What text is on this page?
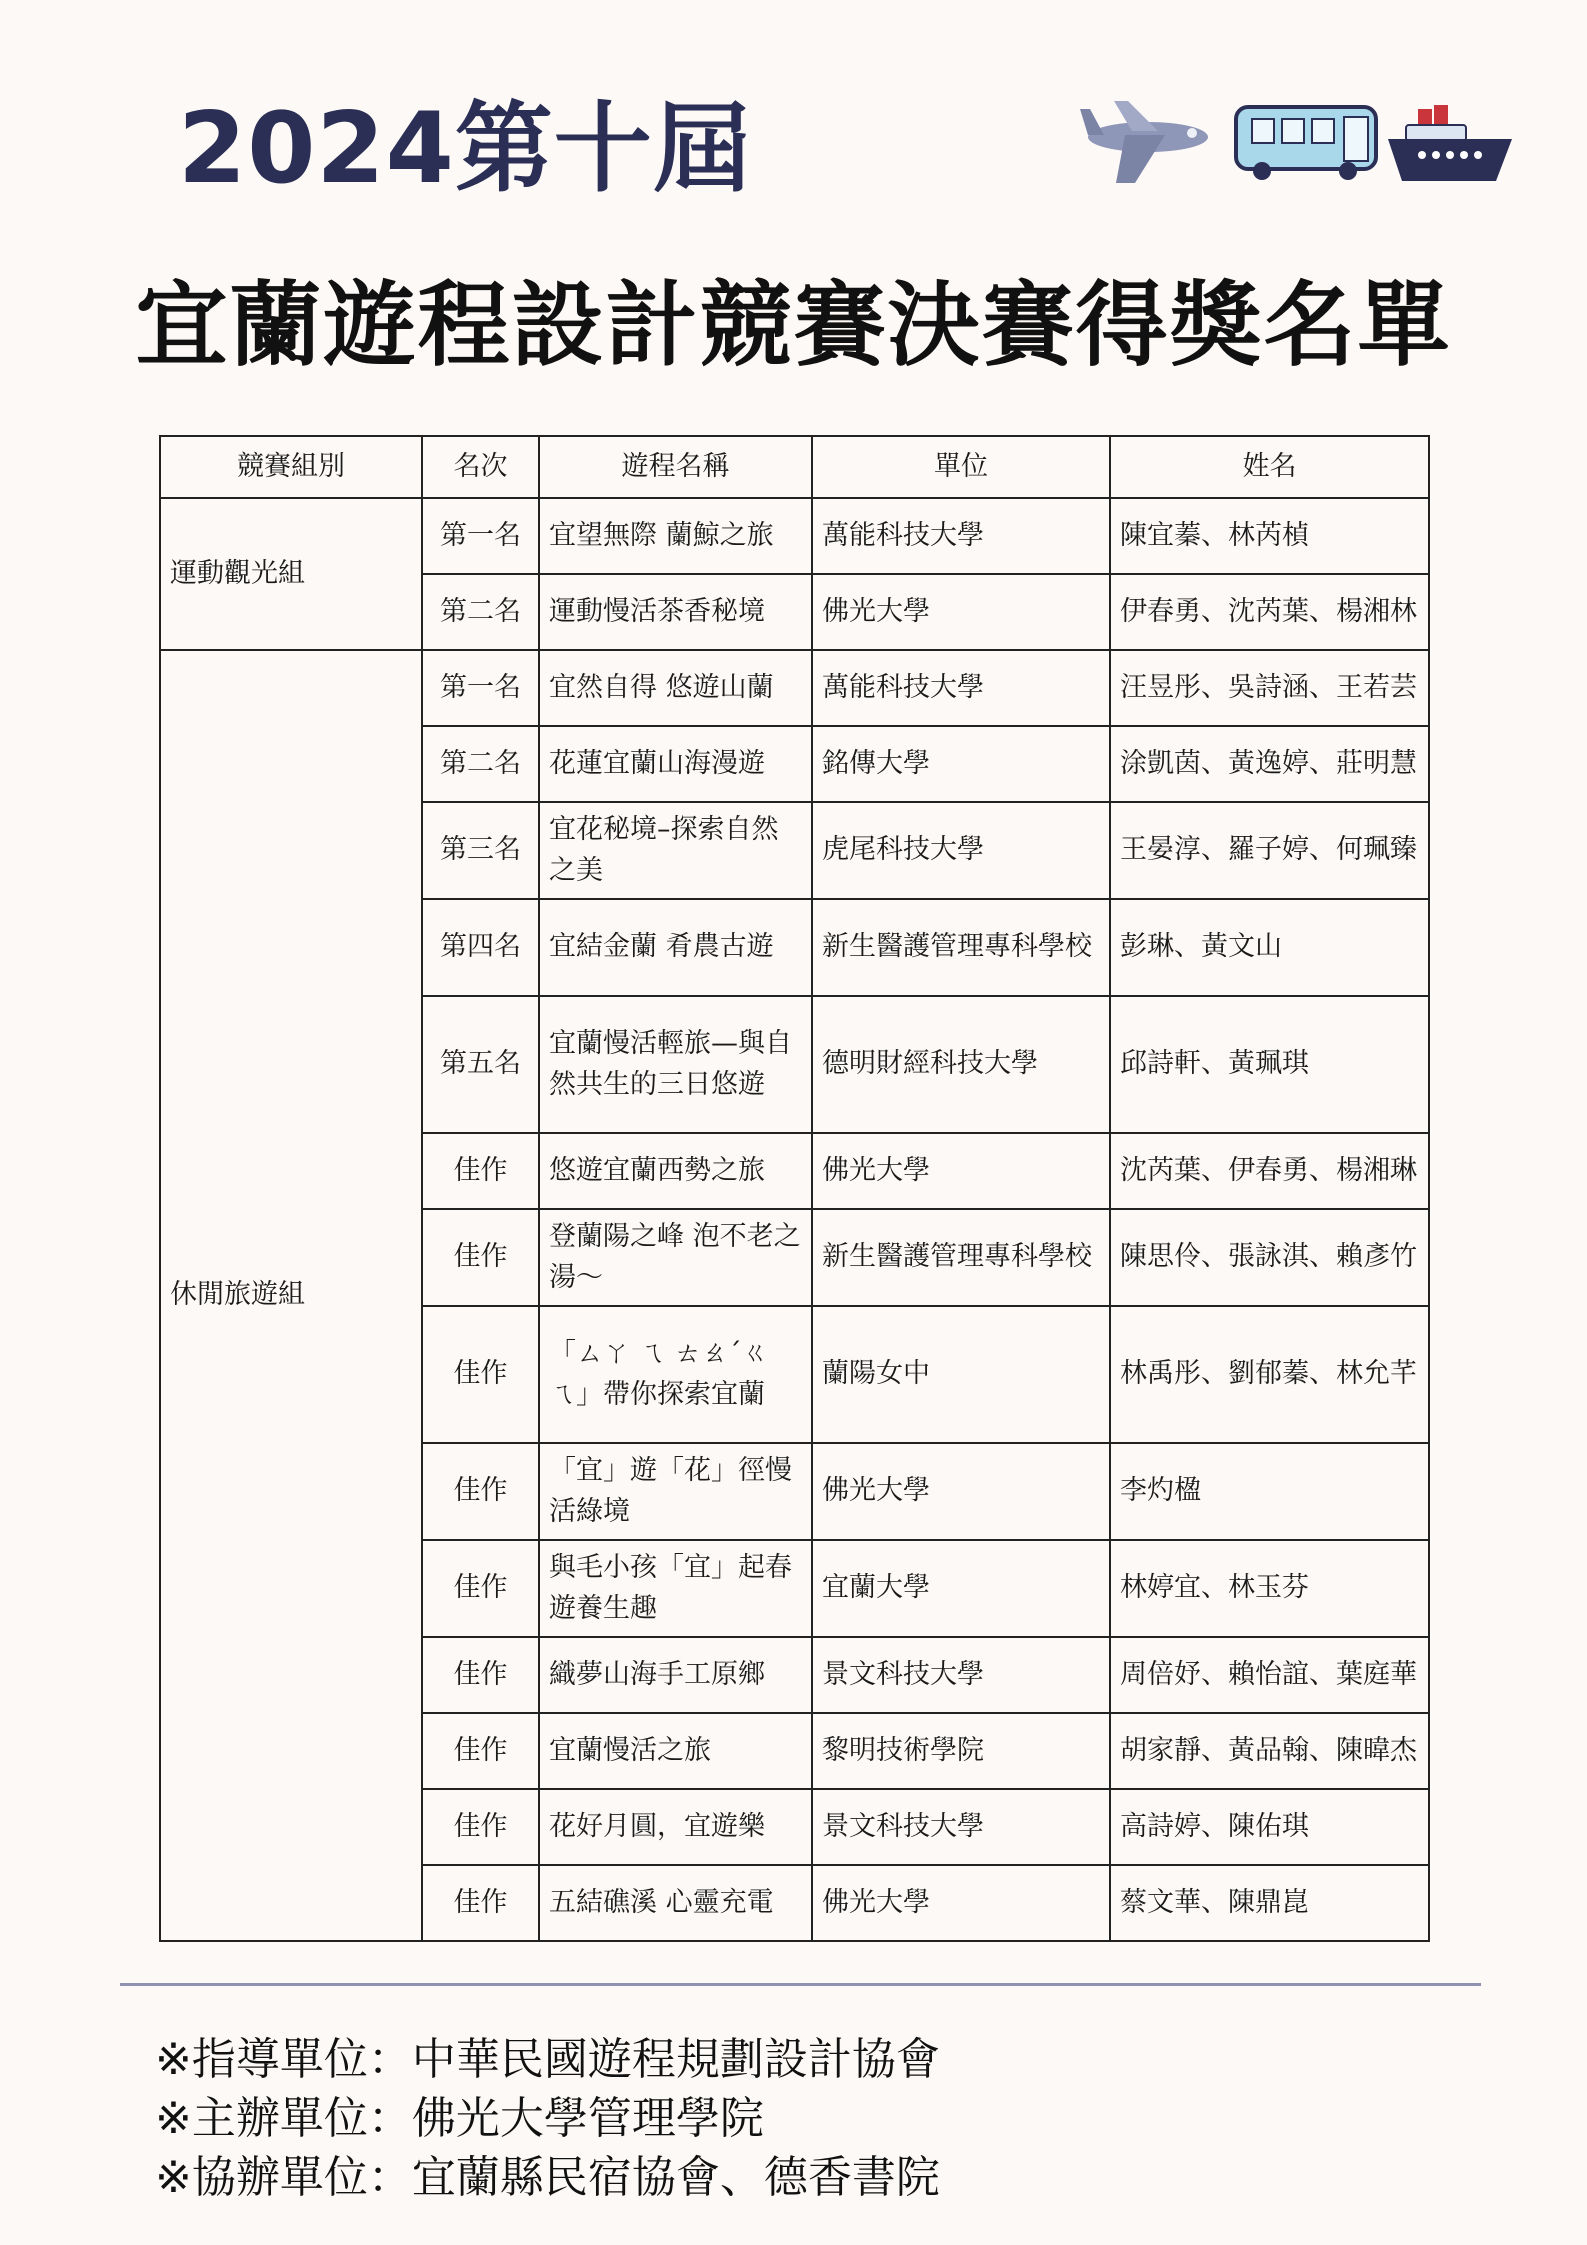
2024第十屆
宜蘭遊程設計競賽決賽得獎名單
競賽組別	名次	遊程名稱	單位	姓名
運動觀光組	第一名	宜望無際 蘭鯨之旅	萬能科技大學	陳宜蓁、林芮楨
	第二名	運動慢活茶香秘境	佛光大學	伊春勇、沈芮葉、楊湘林
休閒旅遊組	第一名	宜然自得 悠遊山蘭	萬能科技大學	汪昱彤、吳詩涵、王若芸
	第二名	花蓮宜蘭山海漫遊	銘傳大學	涂凱茵、黃逸婷、莊明慧
	第三名	宜花秘境–探索自然之美	虎尾科技大學	王晏淳、羅子婷、何珮臻
	第四名	宜結金蘭 肴農古遊	新生醫護管理專科學校	彭琳、黃文山
	第五名	宜蘭慢活輕旅—與自然共生的三日悠遊	德明財經科技大學	邱詩軒、黃珮琪
	佳作	悠遊宜蘭西勢之旅	佛光大學	沈芮葉、伊春勇、楊湘琳
	佳作	登蘭陽之峰 泡不老之湯～	新生醫護管理專科學校	陳思伶、張詠淇、賴彥竹
	佳作	「ㄙㄚ ㄟ ㄊㄠˊㄍㄟ」帶你探索宜蘭	蘭陽女中	林禹彤、劉郁蓁、林允芊
	佳作	「宜」遊「花」徑慢活綠境	佛光大學	李灼楹
	佳作	與毛小孩「宜」起春遊養生趣	宜蘭大學	林婷宜、林玉芬
	佳作	織夢山海手工原鄉	景文科技大學	周倍妤、賴怡誼、葉庭華
	佳作	宜蘭慢活之旅	黎明技術學院	胡家靜、黃品翰、陳暐杰
	佳作	花好月圓，宜遊樂	景文科技大學	高詩婷、陳佑琪
	佳作	五結礁溪 心靈充電	佛光大學	蔡文華、陳鼎崑
※指導單位：中華民國遊程規劃設計協會
※主辦單位：佛光大學管理學院
※協辦單位：宜蘭縣民宿協會、德香書院
